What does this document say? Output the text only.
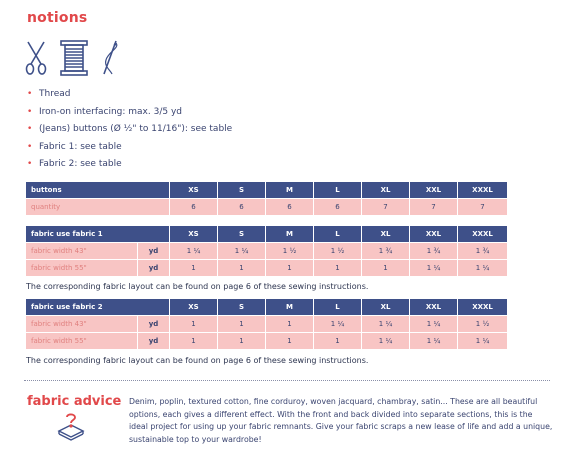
notions

• Thread
• Iron-on interfacing: max. 3/5 yd
• (Jeans) buttons (Ø ½" to 11/16"): see table
• Fabric 1: see table
• Fabric 2: see table
buttons	XS	S	M	L	XL	XXL	XXXL
quantity	6	6	6	6	7	7	7
fabric use fabric 1		XS	S	M	L	XL	XXL	XXXL
fabric width 43"	yd	1 ¼	1 ¼	1 ½	1 ½	1 ¾	1 ¾	1 ¾
fabric width 55"	yd	1	1	1	1	1	1 ¼	1 ¼
The corresponding fabric layout can be found on page 6 of these sewing instructions.
fabric use fabric 2		XS	S	M	L	XL	XXL	XXXL
fabric width 43"	yd	1	1	1	1 ¼	1 ¼	1 ¼	1 ½
fabric width 55"	yd	1	1	1	1	1 ¼	1 ¼	1 ¼
The corresponding fabric layout can be found on page 6 of these sewing instructions.
fabric advice Denim, poplin, textured cotton, fine corduroy, woven jacquard, chambray, satin... These are all beautiful options, each gives a different effect. With the front and back divided into separate sections, this is the ideal project for using up your fabric remnants. Give your fabric scraps a new lease of life and add a unique, sustainable top to your wardrobe!
